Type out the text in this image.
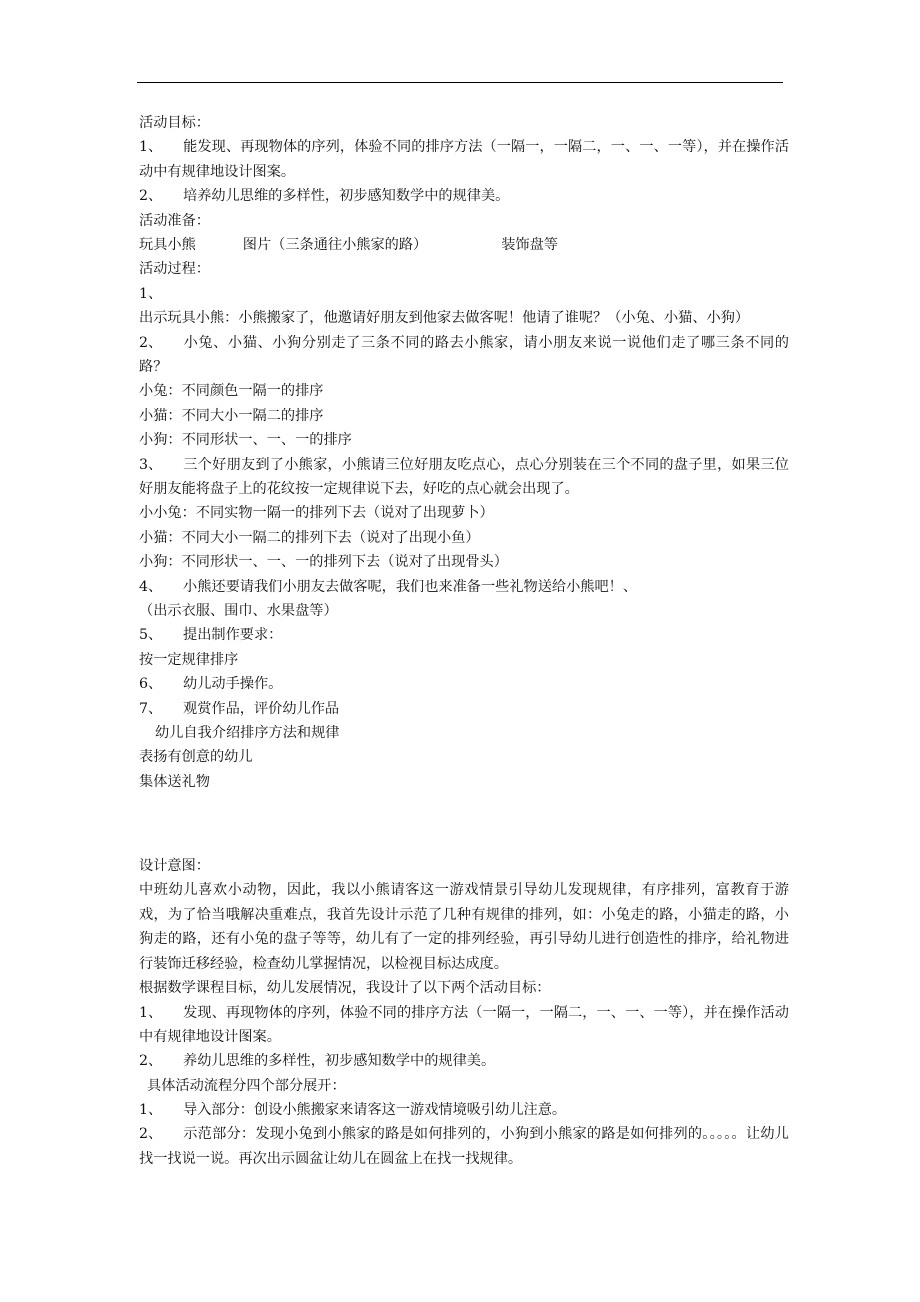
活动目标：
1、 能发现、再现物体的序列，体验不同的排序方法（一隔一，一隔二，一、一、一等），并在操作活动中有规律地设计图案。
2、 培养幼儿思维的多样性，初步感知数学中的规律美。
活动准备：
玩具小熊	图片（三条通往小熊家的路）	装饰盘等
活动过程：
1、出示玩具小熊：小熊搬家了，他邀请好朋友到他家去做客呢！他请了谁呢？（小兔、小猫、小狗）
2、 小兔、小猫、小狗分别走了三条不同的路去小熊家，请小朋友来说一说他们走了哪三条不同的路？
小兔：不同颜色一隔一的排序
小猫：不同大小一隔二的排序
小狗：不同形状一、一、一的排序
3、 三个好朋友到了小熊家，小熊请三位好朋友吃点心，点心分别装在三个不同的盘子里，如果三位好朋友能将盘子上的花纹按一定规律说下去，好吃的点心就会出现了。
小小兔：不同实物一隔一的排列下去（说对了出现萝卜）
小猫：不同大小一隔二的排列下去（说对了出现小鱼）
小狗：不同形状一、一、一的排列下去（说对了出现骨头）
4、 小熊还要请我们小朋友去做客呢，我们也来准备一些礼物送给小熊吧！、
（出示衣服、围巾、水果盘等）
5、 提出制作要求：
按一定规律排序
6、 幼儿动手操作。
7、 观赏作品，评价幼儿作品
幼儿自我介绍排序方法和规律
表扬有创意的幼儿
集体送礼物
设计意图：
中班幼儿喜欢小动物，因此，我以小熊请客这一游戏情景引导幼儿发现规律，有序排列，富教育于游戏，为了恰当哦解决重难点，我首先设计示范了几种有规律的排列，如：小兔走的路，小猫走的路，小狗走的路，还有小兔的盘子等等，幼儿有了一定的排列经验，再引导幼儿进行创造性的排序，给礼物进行装饰迁移经验，检查幼儿掌握情况，以检视目标达成度。
根据数学课程目标，幼儿发展情况，我设计了以下两个活动目标：
1、 发现、再现物体的序列，体验不同的排序方法（一隔一，一隔二，一、一、一等），并在操作活动中有规律地设计图案。
2、 养幼儿思维的多样性，初步感知数学中的规律美。
具体活动流程分四个部分展开：
1、 导入部分：创设小熊搬家来请客这一游戏情境吸引幼儿注意。
2、 示范部分：发现小兔到小熊家的路是如何排列的，小狗到小熊家的路是如何排列的。。。。。让幼儿找一找说一说。再次出示圆盆让幼儿在圆盆上在找一找规律。
